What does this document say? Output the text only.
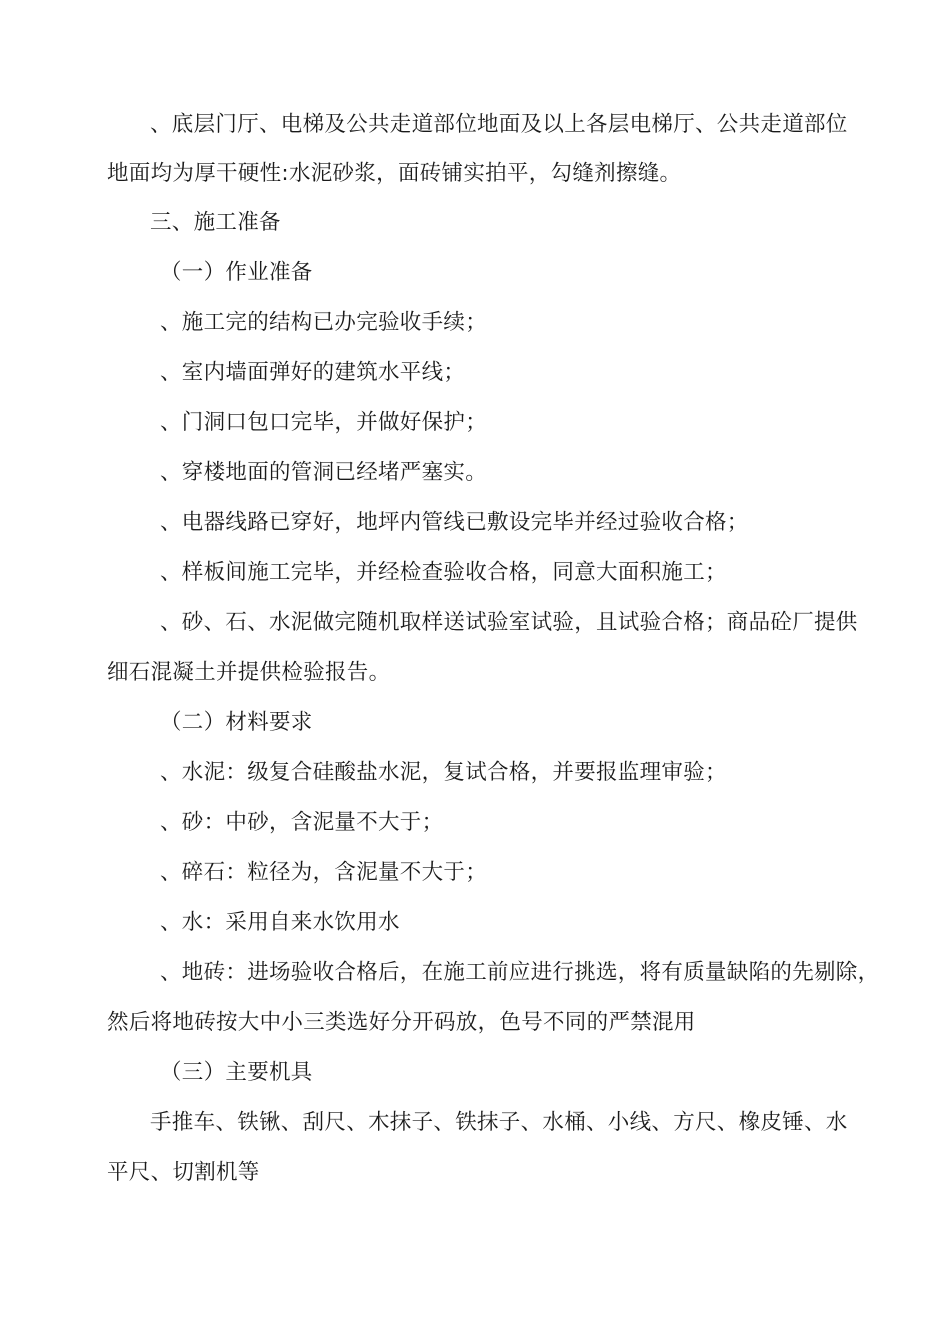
、底层门厅、电梯及公共走道部位地面及以上各层电梯厅、公共走道部位
地面均为厚干硬性:水泥砂浆，面砖铺实拍平，勾缝剂擦缝。
三、施工准备
（一）作业准备
、施工完的结构已办完验收手续；
、室内墙面弹好的建筑水平线；
、门洞口包口完毕，并做好保护；
、穿楼地面的管洞已经堵严塞实。
、电器线路已穿好，地坪内管线已敷设完毕并经过验收合格；
、样板间施工完毕，并经检查验收合格，同意大面积施工；
、砂、石、水泥做完随机取样送试验室试验，且试验合格；商品砼厂提供
细石混凝土并提供检验报告。
（二）材料要求
、水泥：级复合硅酸盐水泥，复试合格，并要报监理审验；
、砂：中砂，含泥量不大于；
、碎石：粒径为，含泥量不大于；
、水：采用自来水饮用水
、地砖：进场验收合格后，在施工前应进行挑选，将有质量缺陷的先剔除，
然后将地砖按大中小三类选好分开码放，色号不同的严禁混用
（三）主要机具
手推车、铁锹、刮尺、木抹子、铁抹子、水桶、小线、方尺、橡皮锤、水
平尺、切割机等
